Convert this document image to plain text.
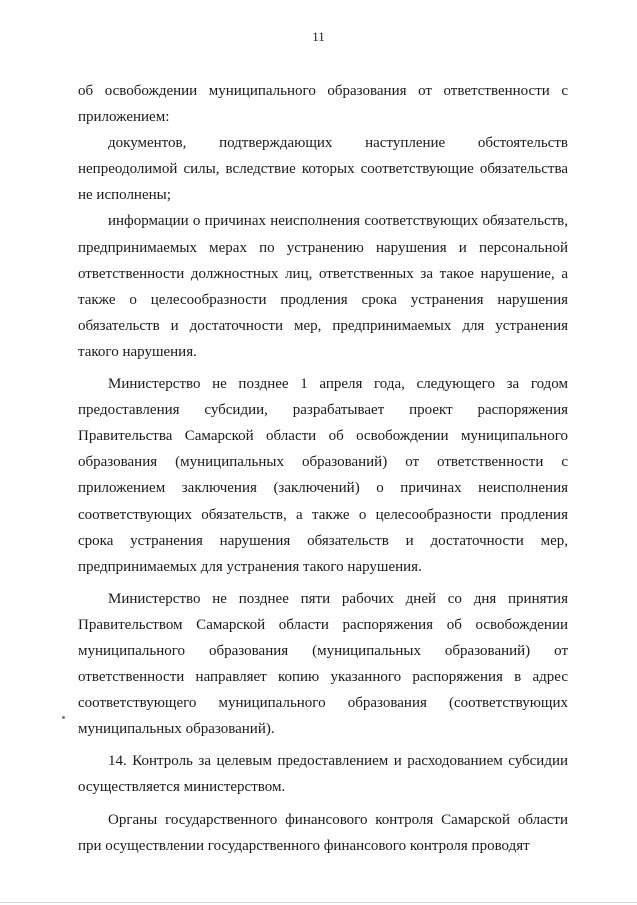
11

об освобождении муниципального образования от ответственности с приложением:

документов, подтверждающих наступление обстоятельств непреодолимой силы, вследствие которых соответствующие обязательства не исполнены;

информации о причинах неисполнения соответствующих обязательств, предпринимаемых мерах по устранению нарушения и персональной ответственности должностных лиц, ответственных за такое нарушение, а также о целесообразности продления срока устранения нарушения обязательств и достаточности мер, предпринимаемых для устранения такого нарушения.

Министерство не позднее 1 апреля года, следующего за годом предоставления субсидии, разрабатывает проект распоряжения Правительства Самарской области об освобождении муниципального образования (муниципальных образований) от ответственности с приложением заключения (заключений) о причинах неисполнения соответствующих обязательств, а также о целесообразности продления срока устранения нарушения обязательств и достаточности мер, предпринимаемых для устранения такого нарушения.

Министерство не позднее пяти рабочих дней со дня принятия Правительством Самарской области распоряжения об освобождении муниципального образования (муниципальных образований) от ответственности направляет копию указанного распоряжения в адрес соответствующего муниципального образования (соответствующих муниципальных образований).

14. Контроль за целевым предоставлением и расходованием субсидии осуществляется министерством.

Органы государственного финансового контроля Самарской области при осуществлении государственного финансового контроля проводят
